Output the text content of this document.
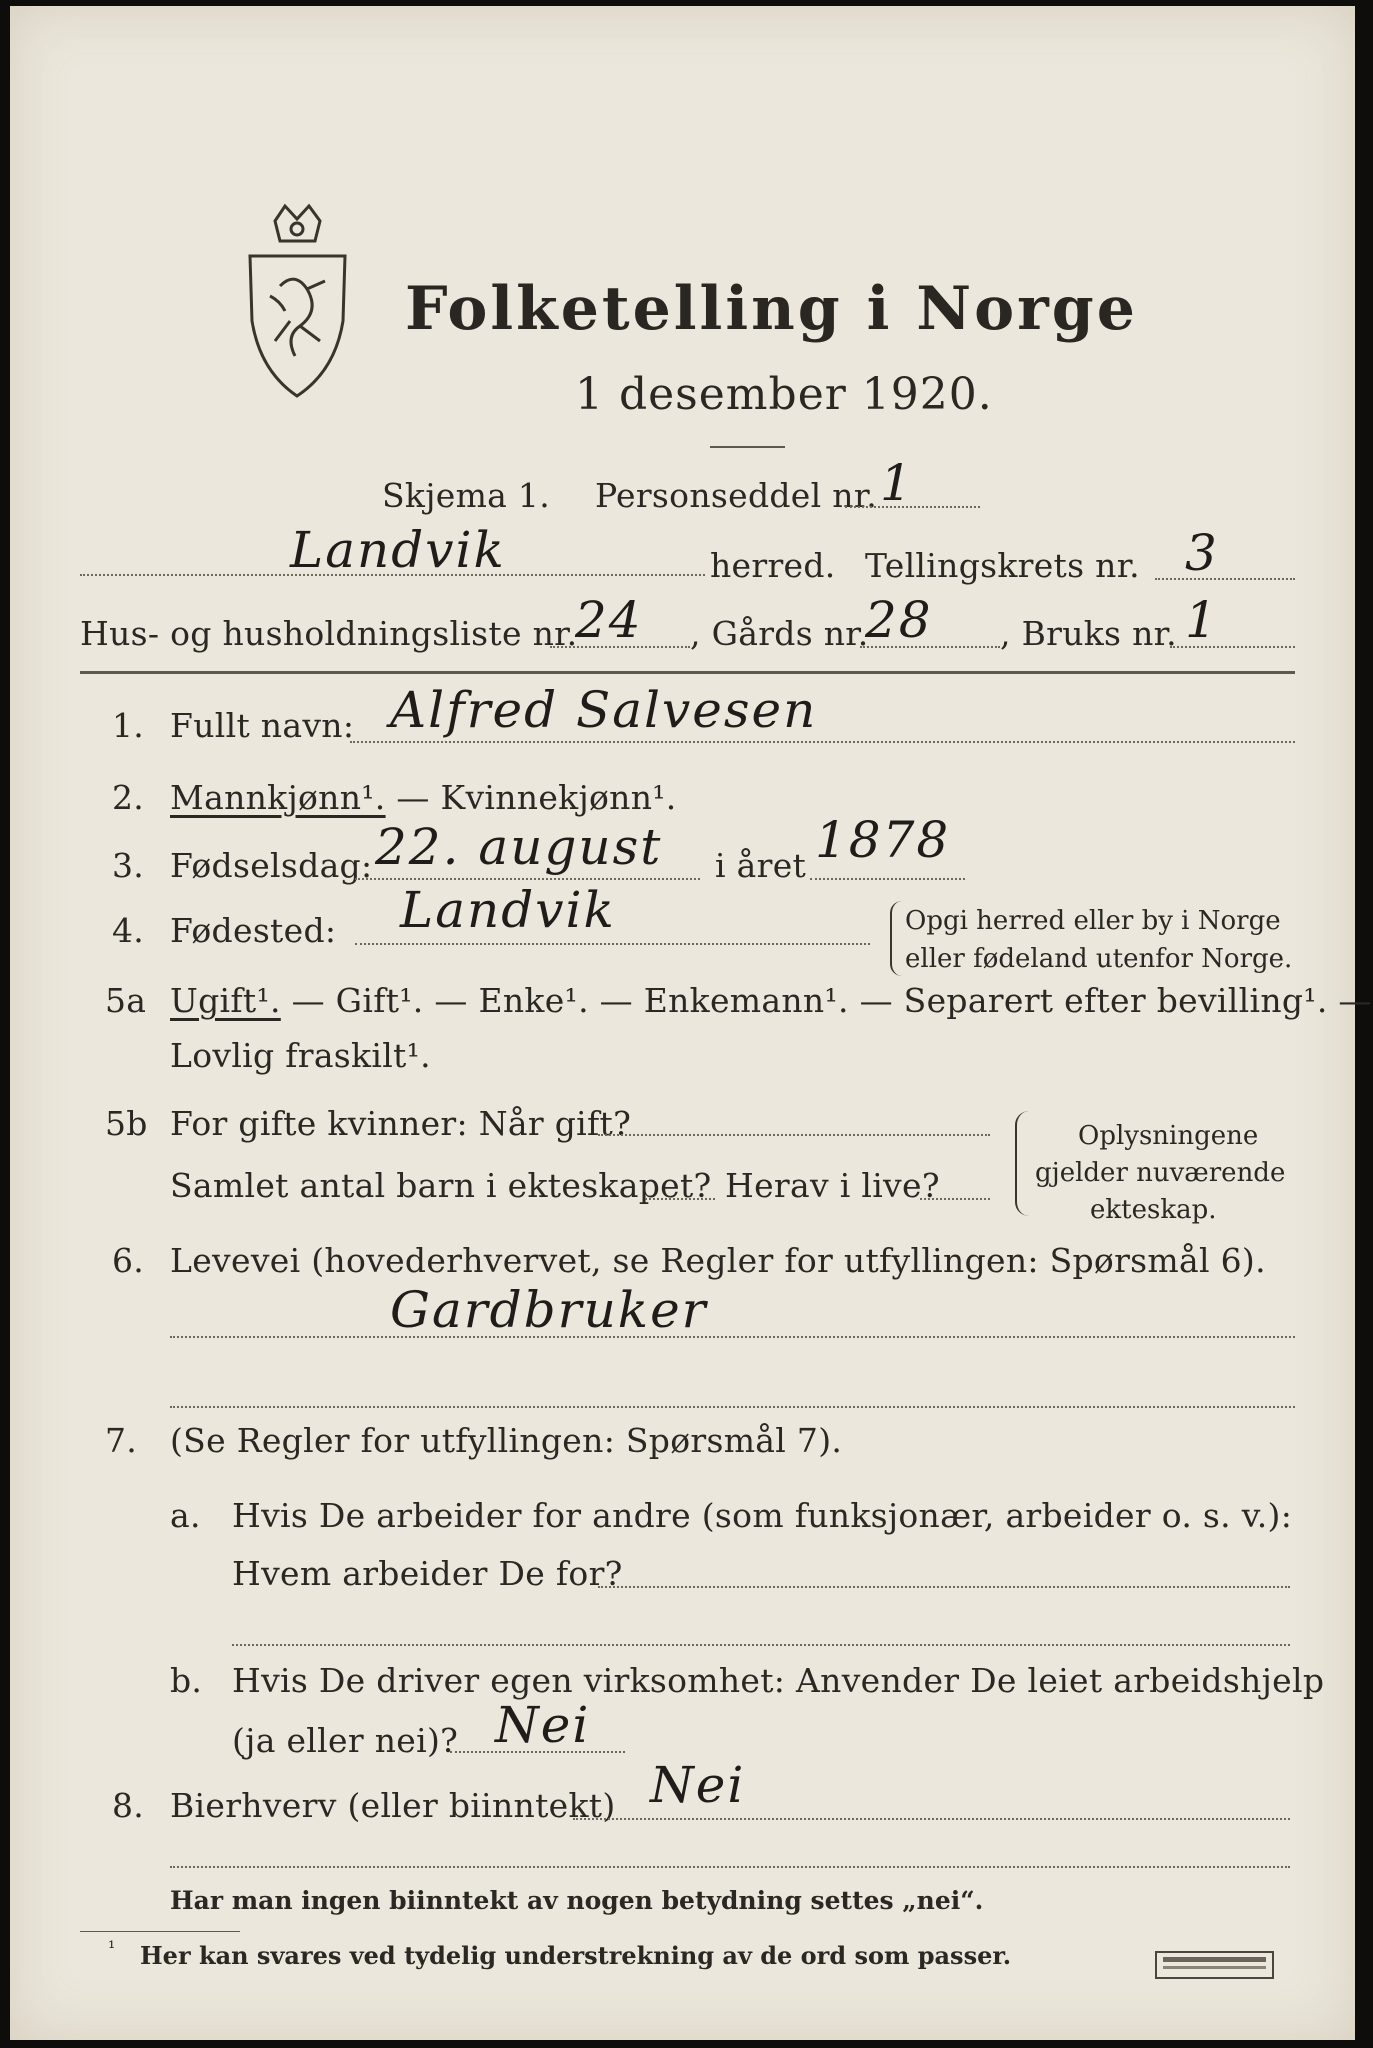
Folketelling i Norge
1 desember 1920.
Skjema 1. Personseddel nr. 1
Landvik	herred. Tellingskrets nr. 3
Hus- og husholdningsliste nr.
24 , Gårds nr.
28 , Bruks nr. 1
1. Fullt navn: Alfred Salvesen
2. Mannkjønn¹. — Kvinnekjønn¹.
3. Fødselsdag: 22. august i året 1878
4. Fødested: Landvik	Opgi herred eller by i Norge
eller fødeland utenfor Norge.
5a Ugift¹. — Gift¹. — Enke¹. — Enkemann¹. — Separert efter bevilling¹. —
Lovlig fraskilt¹.
5b For gifte kvinner: Når gift?
Samlet antal barn i ekteskapet? Herav i live?
Oplysningene
gjelder nuværende
ekteskap.
6. Levevei (hovederhvervet, se Regler for utfyllingen: Spørsmål 6).
Gardbruker
7. (Se Regler for utfyllingen: Spørsmål 7).
a. Hvis De arbeider for andre (som funksjonær, arbeider o. s. v.):
Hvem arbeider De for?
b. Hvis De driver egen virksomhet: Anvender De leiet arbeidshjelp
(ja eller nei)? Nei
8. Bierhverv (eller biinntekt) Nei
Har man ingen biinntekt av nogen betydning settes „nei“.
¹ Her kan svares ved tydelig understrekning av de ord som passer.
